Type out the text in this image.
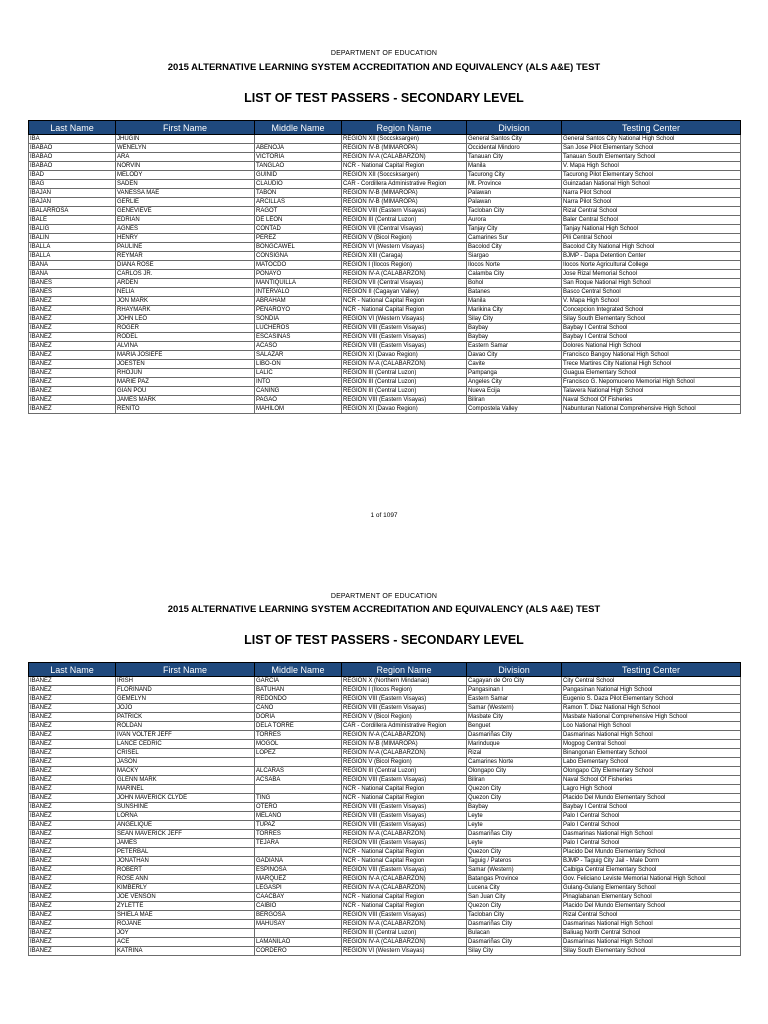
DEPARTMENT OF EDUCATION
2015 ALTERNATIVE LEARNING SYSTEM ACCREDITATION AND EQUIVALENCY (ALS A&E) TEST
LIST OF TEST PASSERS - SECONDARY LEVEL
Last Name	First Name	Middle Name	Region Name	Division	Testing Center
IBA	JHUGIN		REGION XII (Soccsksargen)	General Santos City	General Santos City National High School
IBABAO	WENELYN	ABENOJA	REGION IV-B (MIMAROPA)	Occidental Mindoro	San Jose Pilot Elementary School
IBABAO	ARA	VICTORIA	REGION IV-A (CALABARZON)	Tanauan City	Tanauan South Elementary School
IBABAO	NORVIN	TANGLAO	NCR - National Capital Region	Manila	V. Mapa High School
IBAD	MELODY	GUINID	REGION XII (Soccsksargen)	Tacurong City	Tacurong Pilot Elementary School
IBAG	SADEN	CLAUDIO	CAR - Cordillera Administrative Region	Mt. Province	Guinzadan National High School
IBAJAN	VANESSA MAE	TABON	REGION IV-B (MIMAROPA)	Palawan	Narra Pilot School
IBAJAN	GERLIE	ARCILLAS	REGION IV-B (MIMAROPA)	Palawan	Narra Pilot School
IBALARROSA	GENEVIEVE	RAGOT	REGION VIII (Eastern Visayas)	Tacloban City	Rizal Central School
IBALE	EDRIAN	DE LEON	REGION III (Central Luzon)	Aurora	Baler Central School
IBALIG	AGNES	CONTAD	REGION VII (Central Visayas)	Tanjay City	Tanjay National High School
IBALIN	HENRY	PEREZ	REGION V (Bicol Region)	Camarines Sur	Pili Central School
IBALLA	PAULINE	BONGCAWEL	REGION VI (Western Visayas)	Bacolod City	Bacolod City National High School
IBALLA	REYMAR	CONSIGNA	REGION XIII (Caraga)	Siargao	BJMP - Dapa Detention Center
IBANA	DIANA ROSE	MATOCDO	REGION I (Ilocos Region)	Ilocos Norte	Ilocos Norte Agricultural College
IBANA	CARLOS JR.	PONAYO	REGION IV-A (CALABARZON)	Calamba City	Jose Rizal Memorial School
IBAÑES	ARDEN	MANTIQUILLA	REGION VII (Central Visayas)	Bohol	San Roque National High School
IBAÑES	NELIA	INTERVALO	REGION II (Cagayan Valley)	Batanes	Basco Central School
IBAÑEZ	JON MARK	ABRAHAM	NCR - National Capital Region	Manila	V. Mapa High School
IBAÑEZ	RHAYMARK	PEÑAROYO	NCR - National Capital Region	Marikina City	Concepcion Integrated School
IBAÑEZ	JOHN LEO	SONDIA	REGION VI (Western Visayas)	Silay City	Silay South Elementary School
IBAÑEZ	ROGER	LUCHEROS	REGION VIII (Eastern Visayas)	Baybay	Baybay I Central School
IBAÑEZ	RODEL	ESCASINAS	REGION VIII (Eastern Visayas)	Baybay	Baybay I Central School
IBAÑEZ	ALVINA	ACASO	REGION VIII (Eastern Visayas)	Eastern Samar	Dolores National High School
IBAÑEZ	MARIA JOSIEFE	SALAZAR	REGION XI (Davao Region)	Davao City	Francisco Bangoy National High School
IBAÑEZ	JOESTEN	LIBO-ON	REGION IV-A (CALABARZON)	Cavite	Trece Martires City National High School
IBAÑEZ	RHOJUN	LALIC	REGION III (Central Luzon)	Pampanga	Guagua Elementary School
IBAÑEZ	MARIE PAZ	INTO	REGION III (Central Luzon)	Angeles City	Francisco G. Nepomuceno Memorial High School
IBAÑEZ	GIAN POU	CANING	REGION III (Central Luzon)	Nueva Ecija	Talavera National High School
IBAÑEZ	JAMES MARK	PAGAO	REGION VIII (Eastern Visayas)	Biliran	Naval School Of Fisheries
IBAÑEZ	RENITO	MAHILOM	REGION XI (Davao Region)	Compostela Valley	Nabunturan National Comprehensive High School
1 of 1097
DEPARTMENT OF EDUCATION
2015 ALTERNATIVE LEARNING SYSTEM ACCREDITATION AND EQUIVALENCY (ALS A&E) TEST
LIST OF TEST PASSERS - SECONDARY LEVEL
Last Name	First Name	Middle Name	Region Name	Division	Testing Center
IBAÑEZ	IRISH	GARCIA	REGION X (Northern Mindanao)	Cagayan de Oro City	City Central School
IBAÑEZ	FLORINAND	BATUHAN	REGION I (Ilocos Region)	Pangasinan I	Pangasinan National High School
IBAÑEZ	GEMELYN	REDONDO	REGION VIII (Eastern Visayas)	Eastern Samar	Eugenio S. Daza Pilot Elementary School
IBAÑEZ	JOJO	CANO	REGION VIII (Eastern Visayas)	Samar (Western)	Ramon T. Diaz National High School
IBAÑEZ	PATRICK	DORIA	REGION V (Bicol Region)	Masbate City	Masbate National Comprehensive High School
IBAÑEZ	ROLDAN	DELA TORRE	CAR - Cordillera Administrative Region	Benguet	Loo National High School
IBAÑEZ	IVAN VOLTER JEFF	TORRES	REGION IV-A (CALABARZON)	Dasmariñas City	Dasmarinas National High School
IBAÑEZ	LANCE CEDRIC	MOGOL	REGION IV-B (MIMAROPA)	Marinduque	Mogpog Central School
IBAÑEZ	CRISEL	LOPEZ	REGION IV-A (CALABARZON)	Rizal	Binangonan Elementary School
IBAÑEZ	JASON		REGION V (Bicol Region)	Camarines Norte	Labo Elementary School
IBAÑEZ	MACKY	ALCARAS	REGION III (Central Luzon)	Olongapo City	Olongapo City Elementary School
IBAÑEZ	GLENN MARK	ACSABA	REGION VIII (Eastern Visayas)	Biliran	Naval School Of Fisheries
IBAÑEZ	MARINEL		NCR - National Capital Region	Quezon City	Lagro High School
IBAÑEZ	JOHN MAVERICK CLYDE	TING	NCR - National Capital Region	Quezon City	Placido Del Mundo Elementary School
IBAÑEZ	SUNSHINE	OTERO	REGION VIII (Eastern Visayas)	Baybay	Baybay I Central School
IBAÑEZ	LORNA	MELANO	REGION VIII (Eastern Visayas)	Leyte	Palo I Central School
IBAÑEZ	ANGELIQUE	TUPAZ	REGION VIII (Eastern Visayas)	Leyte	Palo I Central School
IBAÑEZ	SEAN MAVERICK JEFF	TORRES	REGION IV-A (CALABARZON)	Dasmariñas City	Dasmarinas National High School
IBAÑEZ	JAMES	TEJARA	REGION VIII (Eastern Visayas)	Leyte	Palo I Central School
IBAÑEZ	PETERBAL		NCR - National Capital Region	Quezon City	Placido Del Mundo Elementary School
IBAÑEZ	JONATHAN	GADIANA	NCR - National Capital Region	Taguig / Pateros	BJMP - Taguig City Jail - Male Dorm
IBAÑEZ	ROBERT	ESPINOSA	REGION VIII (Eastern Visayas)	Samar (Western)	Calbiga Central Elementary School
IBAÑEZ	ROSE ANN	MARQUEZ	REGION IV-A (CALABARZON)	Batangas Province	Gov. Feliciano Leviste Memorial National High School
IBAÑEZ	KIMBERLY	LEGASPI	REGION IV-A (CALABARZON)	Lucena City	Gulang-Gulang Elementary School
IBAÑEZ	JOE VENSON	CAACBAY	NCR - National Capital Region	San Juan City	Pinaglabanan Elementary School
IBAÑEZ	ZYLETTE	CAIBIO	NCR - National Capital Region	Quezon City	Placido Del Mundo Elementary School
IBAÑEZ	SHIELA MAE	BERGOSA	REGION VIII (Eastern Visayas)	Tacloban City	Rizal Central School
IBAÑEZ	ROJANE	MAHUSAY	REGION IV-A (CALABARZON)	Dasmariñas City	Dasmarinas National High School
IBAÑEZ	JOY		REGION III (Central Luzon)	Bulacan	Baliuag North Central School
IBAÑEZ	ACE	LAMANILAO	REGION IV-A (CALABARZON)	Dasmariñas City	Dasmarinas National High School
IBAÑEZ	KATRINA	CORDERO	REGION VI (Western Visayas)	Silay City	Silay South Elementary School
